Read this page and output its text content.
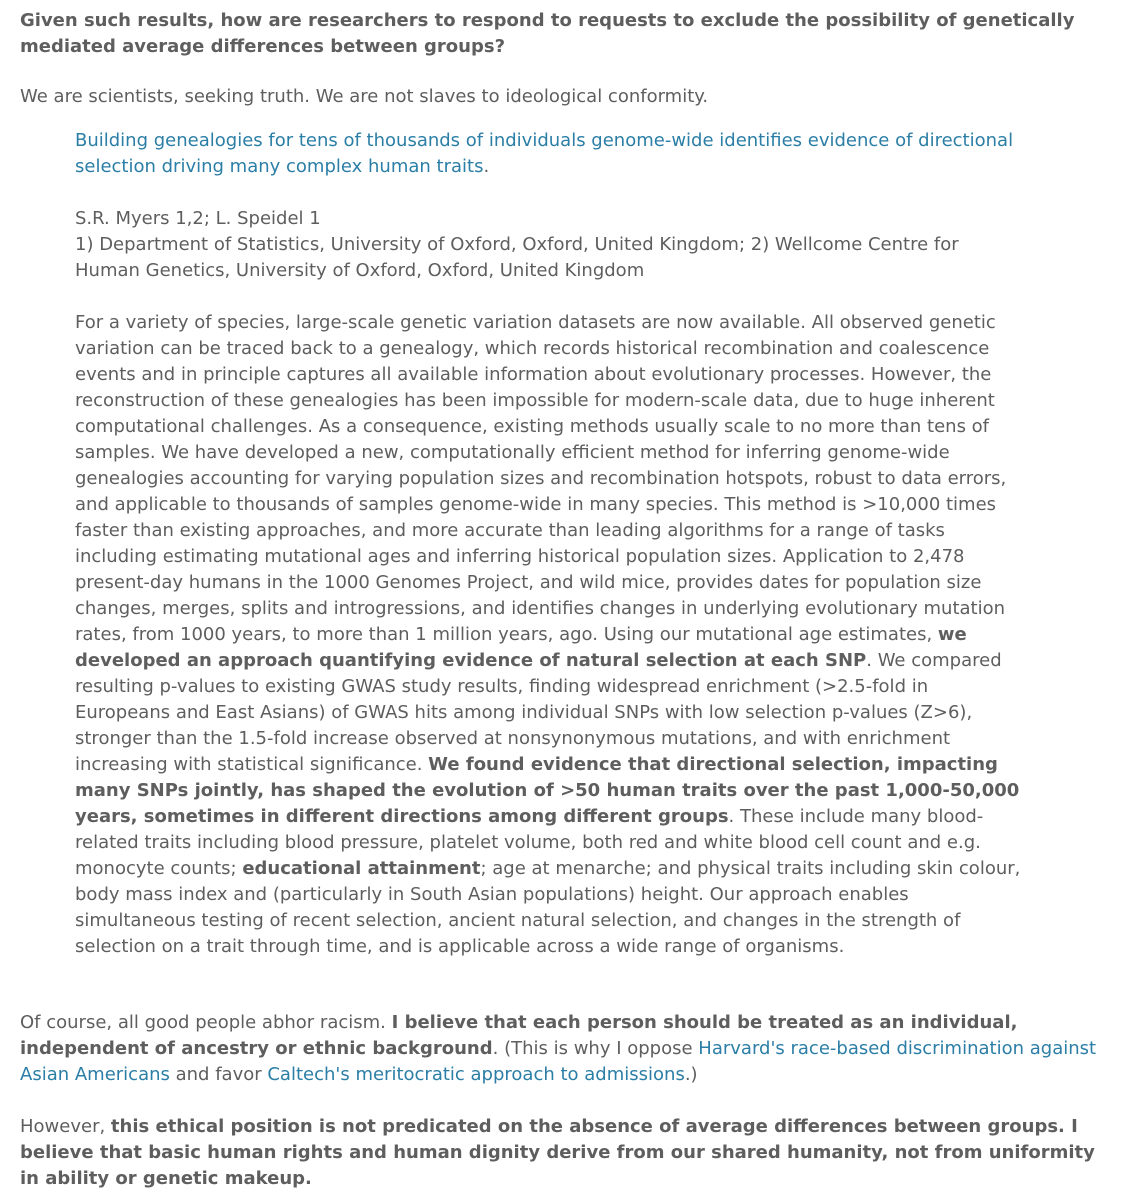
Given such results, how are researchers to respond to requests to exclude the possibility of genetically mediated average differences between groups?

We are scientists, seeking truth. We are not slaves to ideological conformity.

Building genealogies for tens of thousands of individuals genome-wide identifies evidence of directional selection driving many complex human traits.

S.R. Myers 1,2; L. Speidel 1

1) Department of Statistics, University of Oxford, Oxford, United Kingdom; 2) Wellcome Centre for Human Genetics, University of Oxford, Oxford, United Kingdom

For a variety of species, large-scale genetic variation datasets are now available. All observed genetic variation can be traced back to a genealogy, which records historical recombination and coalescence events and in principle captures all available information about evolutionary processes. However, the reconstruction of these genealogies has been impossible for modern-scale data, due to huge inherent computational challenges. As a consequence, existing methods usually scale to no more than tens of samples. We have developed a new, computationally efficient method for inferring genome-wide genealogies accounting for varying population sizes and recombination hotspots, robust to data errors, and applicable to thousands of samples genome-wide in many species. This method is >10,000 times faster than existing approaches, and more accurate than leading algorithms for a range of tasks including estimating mutational ages and inferring historical population sizes. Application to 2,478 present-day humans in the 1000 Genomes Project, and wild mice, provides dates for population size changes, merges, splits and introgressions, and identifies changes in underlying evolutionary mutation rates, from 1000 years, to more than 1 million years, ago. Using our mutational age estimates, we developed an approach quantifying evidence of natural selection at each SNP. We compared resulting p-values to existing GWAS study results, finding widespread enrichment (>2.5-fold in Europeans and East Asians) of GWAS hits among individual SNPs with low selection p-values (Z>6), stronger than the 1.5-fold increase observed at nonsynonymous mutations, and with enrichment increasing with statistical significance. We found evidence that directional selection, impacting many SNPs jointly, has shaped the evolution of >50 human traits over the past 1,000-50,000 years, sometimes in different directions among different groups. These include many blood-related traits including blood pressure, platelet volume, both red and white blood cell count and e.g. monocyte counts; educational attainment; age at menarche; and physical traits including skin colour, body mass index and (particularly in South Asian populations) height. Our approach enables simultaneous testing of recent selection, ancient natural selection, and changes in the strength of selection on a trait through time, and is applicable across a wide range of organisms.

Of course, all good people abhor racism. I believe that each person should be treated as an individual, independent of ancestry or ethnic background. (This is why I oppose Harvard's race-based discrimination against Asian Americans and favor Caltech's meritocratic approach to admissions.)

However, this ethical position is not predicated on the absence of average differences between groups. I believe that basic human rights and human dignity derive from our shared humanity, not from uniformity in ability or genetic makeup.
